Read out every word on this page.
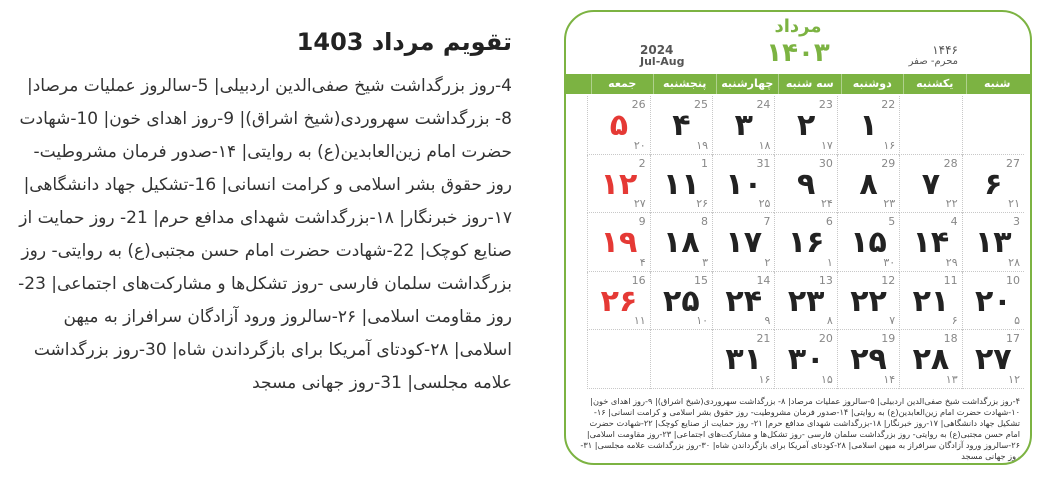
تقویم مرداد 1403
4-روز بزرگداشت شیخ صفی‌الدین اردبیلی| 5-سالروز عملیات مرصاد| 8- بزرگداشت سهروردی(شیخ اشراق)| 9-روز اهدای خون| 10-شهادت حضرت امام زین‌العابدین(ع) به روایتی| ۱۴-صدور فرمان مشروطیت- روز حقوق بشر اسلامی و کرامت انسانی| 16-تشکیل جهاد دانشگاهی| ۱۷-روز خبرنگار| ۱۸-بزرگداشت شهدای مدافع حرم| 21- روز حمایت از صنایع کوچک| 22-شهادت حضرت امام حسن مجتبی(ع) به روایتی- روز بزرگداشت سلمان فارسی -روز تشکل‌ها و مشارکت‌های اجتماعی| 23-روز مقاومت اسلامی| ۲۶-سالروز ورود آزادگان سرافراز به میهن اسلامی| ۲۸-کودتای آمریکا برای بازگرداندن شاه| 30-روز بزرگداشت علامه مجلسی| 31-روز جهانی مسجد
2024
Jul-Aug
مرداد
۱۴۰۳	۱۴۴۶
محرم- صفر
شنبه
یکشنبه
دوشنبه
سه شنبه
چهارشنبه
پنجشنبه
جمعه
22
۱
۱۶
23
۲
۱۷
24
۳
۱۸
25
۴
۱۹
26
۵
۲۰
27
۶
۲۱
28
۷
۲۲
29
۸
۲۳
30
۹
۲۴
31
۱۰
۲۵
1
۱۱
۲۶
2
۱۲
۲۷
3
۱۳
۲۸
4
۱۴
۲۹
5
۱۵
۳۰
6
۱۶
۱
7
۱۷
۲
8
۱۸
۳
9
۱۹
۴
10
۲۰
۵
11
۲۱
۶
12
۲۲
۷
13
۲۳
۸
14
۲۴
۹
15
۲۵
۱۰
16
۲۶
۱۱
17
۲۷
۱۲
18
۲۸
۱۳
19
۲۹
۱۴
20
۳۰
۱۵
21
۳۱
۱۶
۴-روز بزرگداشت شیخ صفی‌الدین اردبیلی| ۵-سالروز عملیات مرصاد| ۸- بزرگداشت سهروردی(شیخ اشراق)| ۹-روز اهدای خون| ۱۰-شهادت حضرت امام زین‌العابدین(ع) به روایتی| ۱۴-صدور فرمان مشروطیت- روز حقوق بشر اسلامی و کرامت انسانی| ۱۶-تشکیل جهاد دانشگاهی| ۱۷-روز خبرنگار| ۱۸-بزرگداشت شهدای مدافع حرم| ۲۱- روز حمایت از صنایع کوچک| ۲۲-شهادت حضرت امام حسن مجتبی(ع) به روایتی- روز بزرگداشت سلمان فارسی -روز تشکل‌ها و مشارکت‌های اجتماعی| ۲۳-روز مقاومت اسلامی| ۲۶-سالروز ورود آزادگان سرافراز به میهن اسلامی| ۲۸-کودتای آمریکا برای بازگرداندن شاه| ۳۰-روز بزرگداشت علامه مجلسی| ۳۱-روز جهانی مسجد
